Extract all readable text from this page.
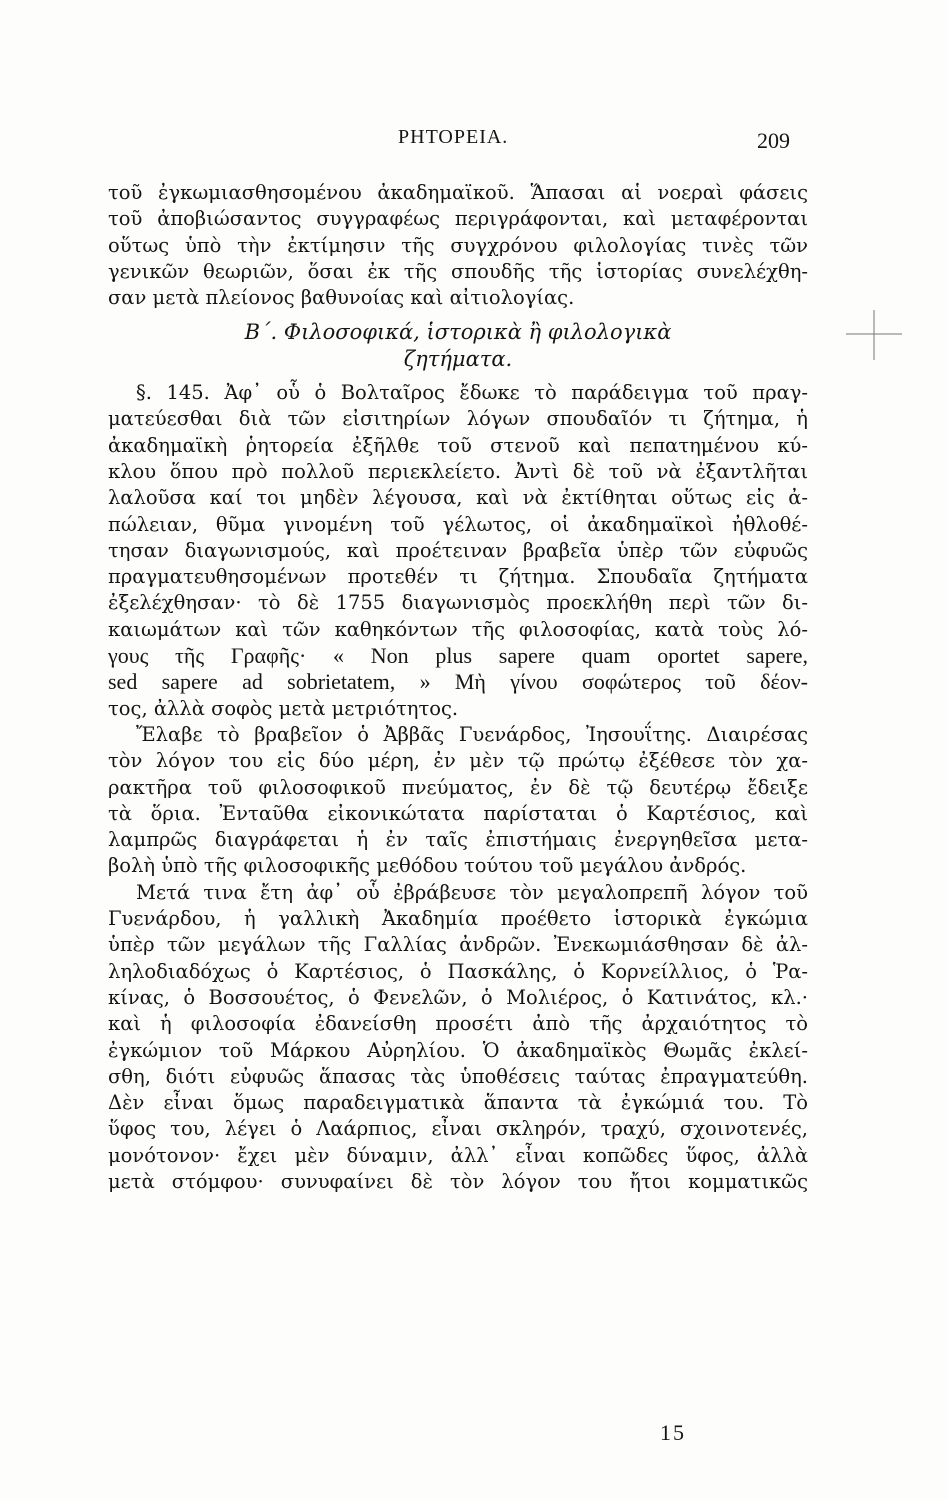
ΡΗΤΟΡΕΙΑ.	209
τοῦ ἐγκωμιασθησομένου ἀκαδημαϊκοῦ. Ἅπασαι αἱ νοεραὶ φάσεις
τοῦ ἀποβιώσαντος συγγραφέως περιγράφονται, καὶ μεταφέρονται
οὕτως ὑπὸ τὴν ἐκτίμησιν τῆς συγχρόνου φιλολογίας τινὲς τῶν
γενικῶν θεωριῶν, ὅσαι ἐκ τῆς σπουδῆς τῆς ἱστορίας συνελέχθη-
σαν μετὰ πλείονος βαθυνοίας καὶ αἰτιολογίας.
Β΄. Φιλοσοφικά, ἱστορικὰ ἢ φιλολογικὰ
ζητήματα.
§. 145. Ἀφ᾽ οὗ ὁ Βολταῖρος ἔδωκε τὸ παράδειγμα τοῦ πραγ-
ματεύεσθαι διὰ τῶν εἰσιτηρίων λόγων σπουδαῖόν τι ζήτημα, ἡ
ἀκαδημαϊκὴ ῥητορεία ἐξῆλθε τοῦ στενοῦ καὶ πεπατημένου κύ-
κλου ὅπου πρὸ πολλοῦ περιεκλείετο. Ἀντὶ δὲ τοῦ νὰ ἐξαντλῆται
λαλοῦσα καί τοι μηδὲν λέγουσα, καὶ νὰ ἐκτίθηται οὕτως εἰς ἀ-
πώλειαν, θῦμα γινομένη τοῦ γέλωτος, οἱ ἀκαδημαϊκοὶ ἠθλοθέ-
τησαν διαγωνισμούς, καὶ προέτειναν βραβεῖα ὑπὲρ τῶν εὐφυῶς
πραγματευθησομένων προτεθέν τι ζήτημα. Σπουδαῖα ζητήματα
ἐξελέχθησαν· τὸ δὲ 1755 διαγωνισμὸς προεκλήθη περὶ τῶν δι-
καιωμάτων καὶ τῶν καθηκόντων τῆς φιλοσοφίας, κατὰ τοὺς λό-
γους τῆς Γραφῆς· « Non plus sapere quam oportet sapere,
sed sapere ad sobrietatem, » Μὴ γίνου σοφώτερος τοῦ δέον-
τος, ἀλλὰ σοφὸς μετὰ μετριότητος.
Ἔλαβε τὸ βραβεῖον ὁ Ἀββᾶς Γυενάρδος, Ἰησουΐτης. Διαιρέσας
τὸν λόγον του εἰς δύο μέρη, ἐν μὲν τῷ πρώτῳ ἐξέθεσε τὸν χα-
ρακτῆρα τοῦ φιλοσοφικοῦ πνεύματος, ἐν δὲ τῷ δευτέρῳ ἔδειξε
τὰ ὅρια. Ἐνταῦθα εἰκονικώτατα παρίσταται ὁ Καρτέσιος, καὶ
λαμπρῶς διαγράφεται ἡ ἐν ταῖς ἐπιστήμαις ἐνεργηθεῖσα μετα-
βολὴ ὑπὸ τῆς φιλοσοφικῆς μεθόδου τούτου τοῦ μεγάλου ἀνδρός.
Μετά τινα ἔτη ἀφ᾽ οὗ ἐβράβευσε τὸν μεγαλοπρεπῆ λόγον τοῦ
Γυενάρδου, ἡ γαλλικὴ Ἀκαδημία προέθετο ἱστορικὰ ἐγκώμια
ὑπὲρ τῶν μεγάλων τῆς Γαλλίας ἀνδρῶν. Ἐνεκωμιάσθησαν δὲ ἀλ-
ληλοδιαδόχως ὁ Καρτέσιος, ὁ Πασκάλης, ὁ Κορνείλλιος, ὁ Ῥα-
κίνας, ὁ Βοσσουέτος, ὁ Φενελῶν, ὁ Μολιέρος, ὁ Κατινάτος, κλ.·
καὶ ἡ φιλοσοφία ἐδανείσθη προσέτι ἀπὸ τῆς ἀρχαιότητος τὸ
ἐγκώμιον τοῦ Μάρκου Αὐρηλίου. Ὁ ἀκαδημαϊκὸς Θωμᾶς ἐκλεί-
σθη, διότι εὐφυῶς ἅπασας τὰς ὑποθέσεις ταύτας ἐπραγματεύθη.
Δὲν εἶναι ὅμως παραδειγματικὰ ἅπαντα τὰ ἐγκώμιά του. Τὸ
ὕφος του, λέγει ὁ Λαάρπιος, εἶναι σκληρόν, τραχύ, σχοινοτενές,
μονότονον· ἔχει μὲν δύναμιν, ἀλλ᾽ εἶναι κοπῶδες ὕφος, ἀλλὰ
μετὰ στόμφου· συνυφαίνει δὲ τὸν λόγον του ἤτοι κομματικῶς
15
